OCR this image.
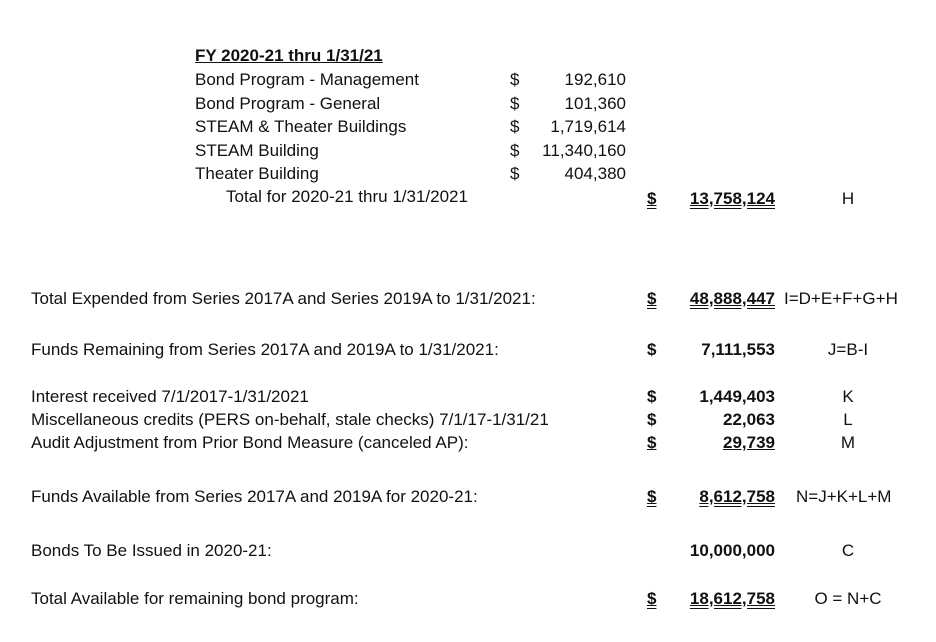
FY 2020-21 thru 1/31/21
Bond Program - Management	$	192,610
Bond Program - General	$	101,360
STEAM & Theater Buildings	$	1,719,614
STEAM Building	$	11,340,160
Theater Building	$	404,380
Total for 2020-21 thru 1/31/2021	$	13,758,124	H
Total Expended from Series 2017A and Series 2019A to 1/31/2021:	$	48,888,447 I=D+E+F+G+H
Funds Remaining from Series 2017A and 2019A to 1/31/2021:	$	7,111,553	J=B-I
Interest received 7/1/2017-1/31/2021	$	1,449,403	K
Miscellaneous credits (PERS on-behalf, stale checks) 7/1/17-1/31/21	$	22,063	L
Audit Adjustment from Prior Bond Measure (canceled AP):	$	29,739	M
Funds Available from Series 2017A and 2019A for 2020-21:	$	8,612,758 N=J+K+L+M
Bonds To Be Issued in 2020-21:	10,000,000	C
Total Available for remaining bond program:	$	18,612,758	O = N+C
